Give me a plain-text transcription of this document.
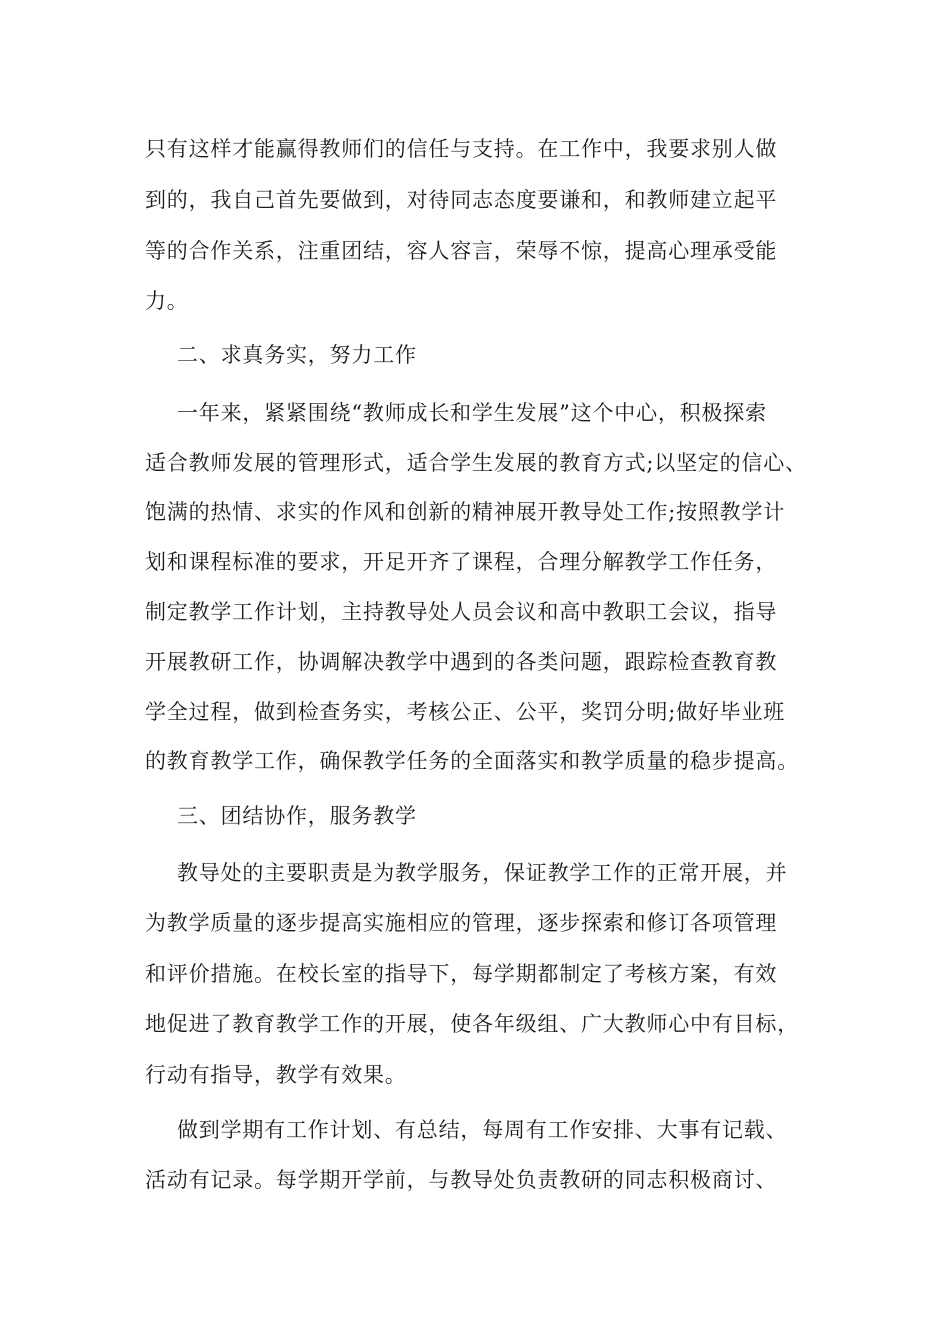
只有这样才能赢得教师们的信任与支持。在工作中，我要求别人做
到的，我自己首先要做到，对待同志态度要谦和，和教师建立起平
等的合作关系，注重团结，容人容言，荣辱不惊，提高心理承受能
力。
二、求真务实，努力工作
一年来，紧紧围绕“教师成长和学生发展”这个中心，积极探索
适合教师发展的管理形式，适合学生发展的教育方式;以坚定的信心、
饱满的热情、求实的作风和创新的精神展开教导处工作;按照教学计
划和课程标准的要求，开足开齐了课程，合理分解教学工作任务，
制定教学工作计划，主持教导处人员会议和高中教职工会议，指导
开展教研工作，协调解决教学中遇到的各类问题，跟踪检查教育教
学全过程，做到检查务实，考核公正、公平，奖罚分明;做好毕业班
的教育教学工作，确保教学任务的全面落实和教学质量的稳步提高。
三、团结协作，服务教学
教导处的主要职责是为教学服务，保证教学工作的正常开展，并
为教学质量的逐步提高实施相应的管理，逐步探索和修订各项管理
和评价措施。在校长室的指导下，每学期都制定了考核方案，有效
地促进了教育教学工作的开展，使各年级组、广大教师心中有目标，
行动有指导，教学有效果。
做到学期有工作计划、有总结，每周有工作安排、大事有记载、
活动有记录。每学期开学前，与教导处负责教研的同志积极商讨、
